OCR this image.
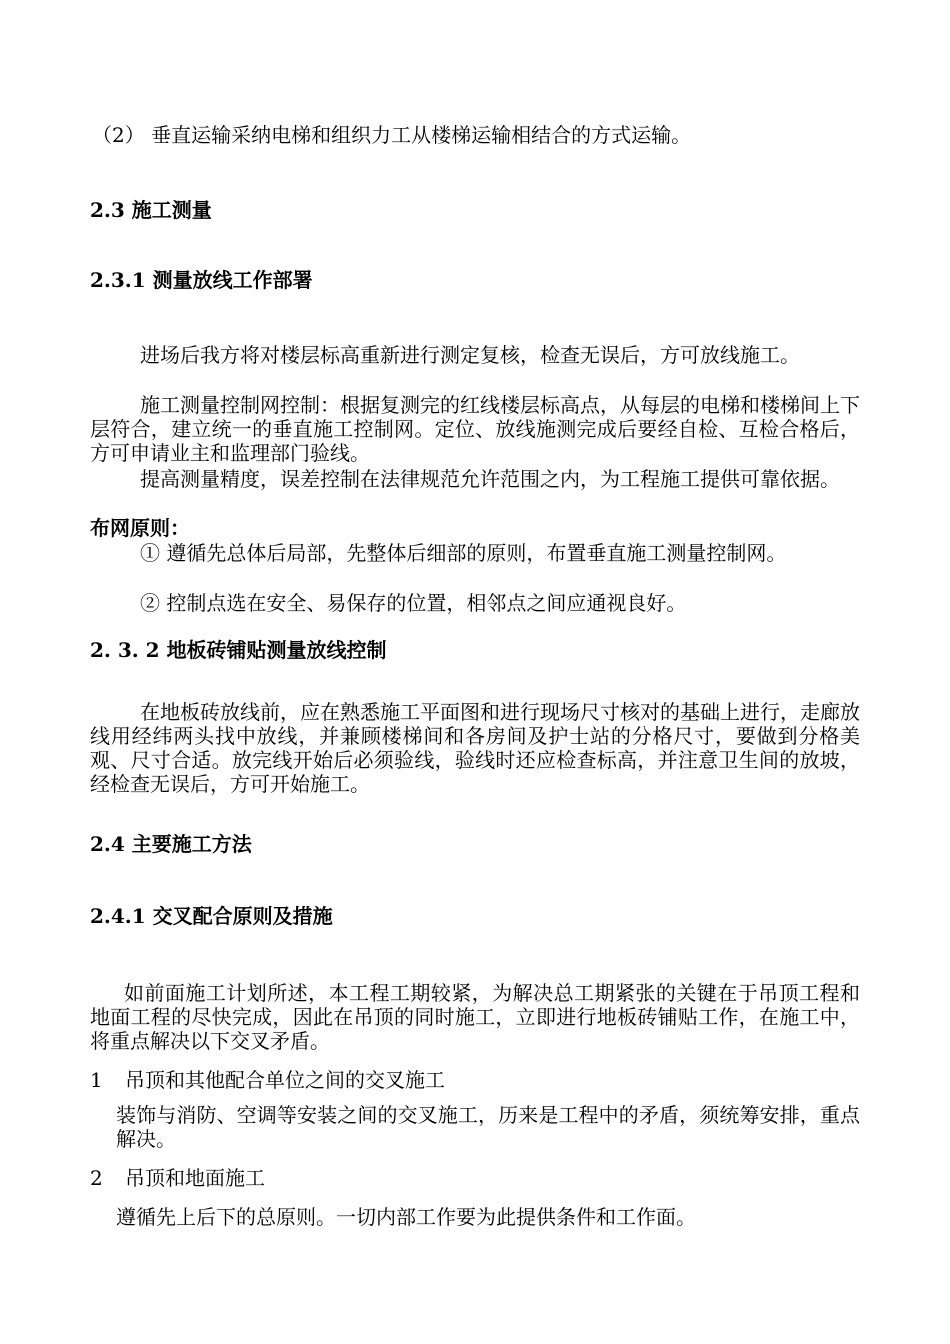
（2） 垂直运输采纳电梯和组织力工从楼梯运输相结合的方式运输。

2.3 施工测量

2.3.1 测量放线工作部署

进场后我方将对楼层标高重新进行测定复核，检查无误后，方可放线施工。

施工测量控制网控制：根据复测完的红线楼层标高点，从每层的电梯和楼梯间上下层符合，建立统一的垂直施工控制网。定位、放线施测完成后要经自检、互检合格后，方可申请业主和监理部门验线。

提高测量精度，误差控制在法律规范允许范围之内，为工程施工提供可靠依据。

布网原则：

① 遵循先总体后局部，先整体后细部的原则，布置垂直施工测量控制网。

② 控制点选在安全、易保存的位置，相邻点之间应通视良好。

2. 3. 2 地板砖铺贴测量放线控制

在地板砖放线前，应在熟悉施工平面图和进行现场尺寸核对的基础上进行，走廊放线用经纬两头找中放线，并兼顾楼梯间和各房间及护士站的分格尺寸，要做到分格美观、尺寸合适。放完线开始后必须验线，验线时还应检查标高，并注意卫生间的放坡，经检查无误后，方可开始施工。

2.4 主要施工方法

2.4.1 交叉配合原则及措施

如前面施工计划所述，本工程工期较紧，为解决总工期紧张的关键在于吊顶工程和地面工程的尽快完成，因此在吊顶的同时施工，立即进行地板砖铺贴工作，在施工中，将重点解决以下交叉矛盾。

1 吊顶和其他配合单位之间的交叉施工

装饰与消防、空调等安装之间的交叉施工，历来是工程中的矛盾，须统筹安排，重点解决。

2 吊顶和地面施工

遵循先上后下的总原则。一切内部工作要为此提供条件和工作面。
